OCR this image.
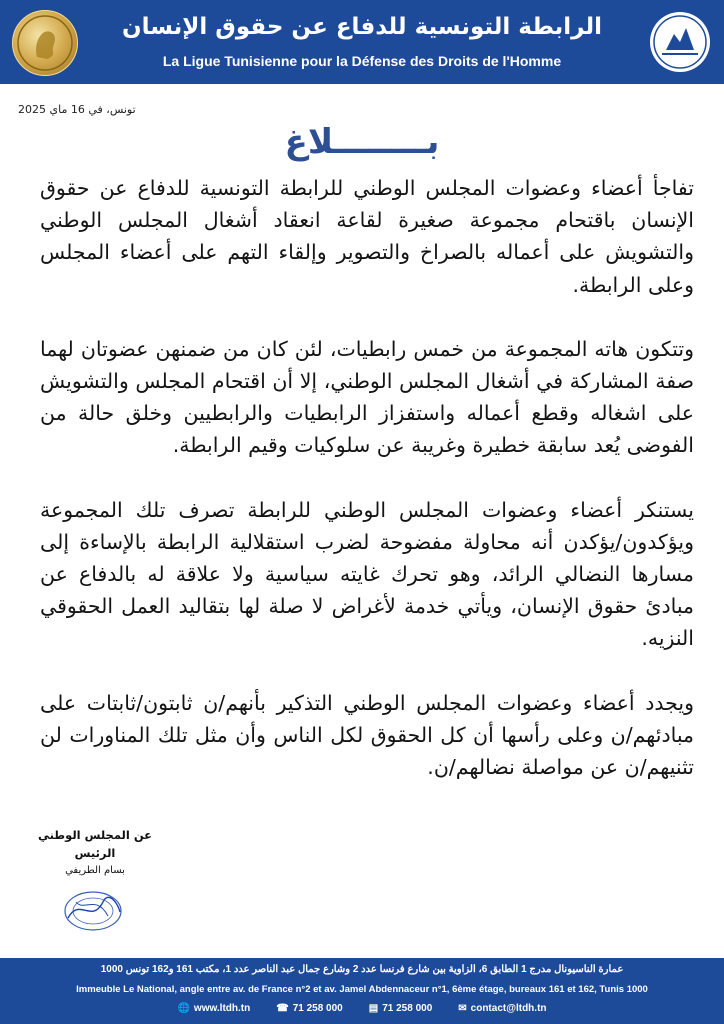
الرابطة التونسية للدفاع عن حقوق الإنسان
La Ligue Tunisienne pour la Défense des Droits de l'Homme
تونس، في 16 ماي 2025
بــــــــلاغ

تفاجأ أعضاء وعضوات المجلس الوطني للرابطة التونسية للدفاع عن حقوق الإنسان باقتحام مجموعة صغيرة لقاعة انعقاد أشغال المجلس الوطني والتشويش على أعماله بالصراخ والتصوير وإلقاء التهم على أعضاء المجلس وعلى الرابطة.

وتتكون هاته المجموعة من خمس رابطيات، لئن كان من ضمنهن عضوتان لهما صفة المشاركة في أشغال المجلس الوطني، إلا أن اقتحام المجلس والتشويش على اشغاله وقطع أعماله واستفزاز الرابطيات والرابطيين وخلق حالة من الفوضى يُعد سابقة خطيرة وغريبة عن سلوكيات وقيم الرابطة.

يستنكر أعضاء وعضوات المجلس الوطني للرابطة تصرف تلك المجموعة ويؤكدون/يؤكدن أنه محاولة مفضوحة لضرب استقلالية الرابطة بالإساءة إلى مسارها النضالي الرائد، وهو تحرك غايته سياسية ولا علاقة له بالدفاع عن مبادئ حقوق الإنسان، ويأتي خدمة لأغراض لا صلة لها بتقاليد العمل الحقوقي النزيه.

ويجدد أعضاء وعضوات المجلس الوطني التذكير بأنهم/ن ثابتون/ثابتات على مبادئهم/ن وعلى رأسها أن كل الحقوق لكل الناس وأن مثل تلك المناورات لن تثنيهم/ن عن مواصلة نضالهم/ن.

عن المجلس الوطني
الرئيس
بسام الطريفي
عمارة الناسيونال مدرج 1 الطابق 6، الزاوية بين شارع فرنسا عدد 2 وشارع جمال عبد الناصر عدد 1، مكتب 161 و162 تونس 1000
Immeuble Le National, angle entre av. de France n°2 et av. Jamel Abdennaceur n°1, 6ème étage, bureaux 161 et 162, Tunis 1000
🌐 www.ltdh.tn	☎ 71 258 000	▤ 71 258 000	✉ contact@ltdh.tn
